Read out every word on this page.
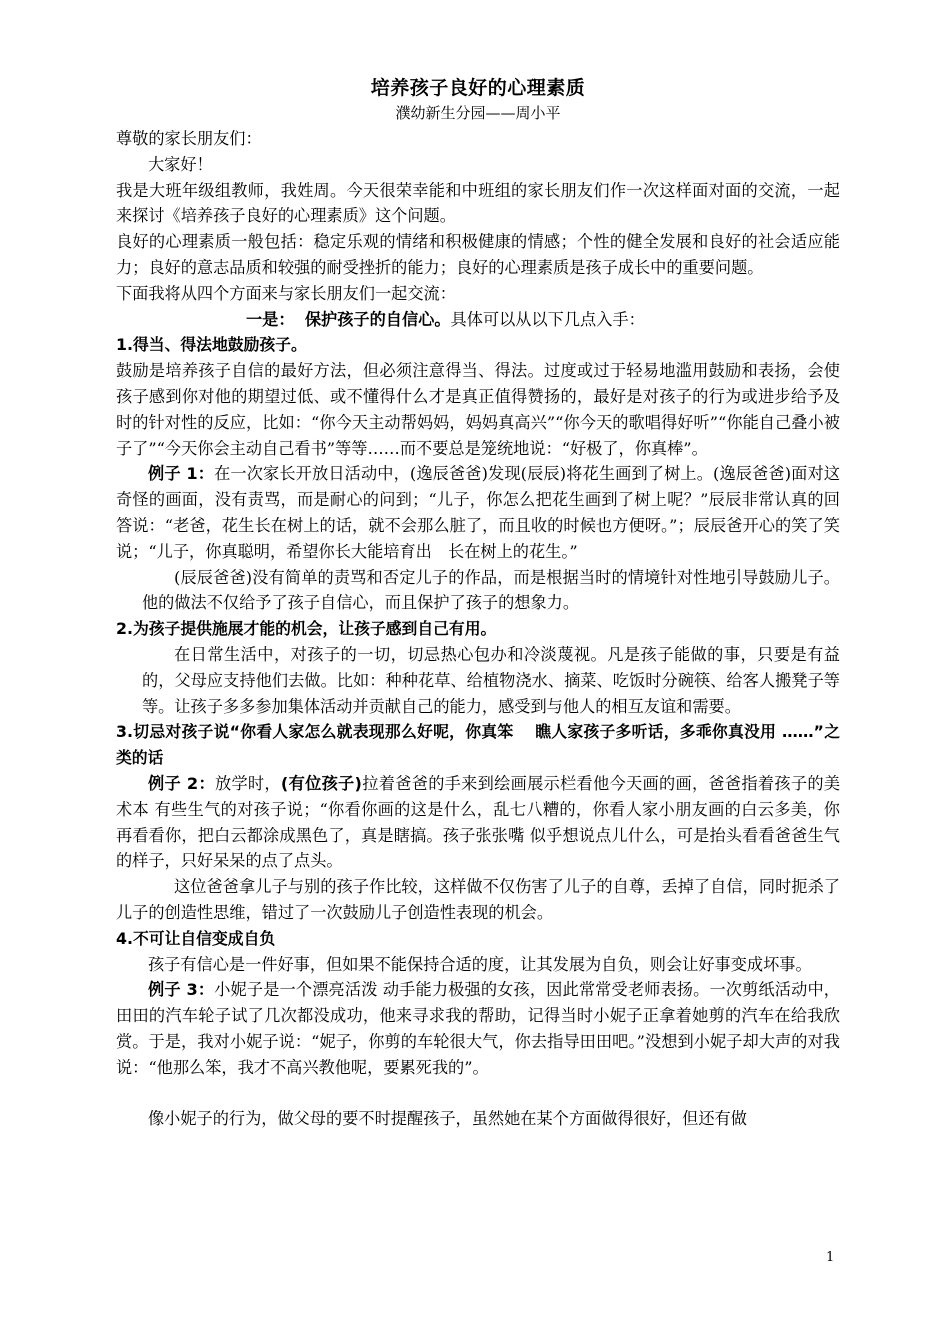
培养孩子良好的心理素质
濮幼新生分园——周小平

尊敬的家长朋友们：

大家好！

我是大班年级组教师，我姓周。今天很荣幸能和中班组的家长朋友们作一次这样面对面的交流，一起来探讨《培养孩子良好的心理素质》这个问题。

良好的心理素质一般包括：稳定乐观的情绪和积极健康的情感；个性的健全发展和良好的社会适应能力；良好的意志品质和较强的耐受挫折的能力；良好的心理素质是孩子成长中的重要问题。

下面我将从四个方面来与家长朋友们一起交流：

一是： 保护孩子的自信心。具体可以从以下几点入手：

1.得当、得法地鼓励孩子。

鼓励是培养孩子自信的最好方法，但必须注意得当、得法。过度或过于轻易地滥用鼓励和表扬，会使孩子感到你对他的期望过低、或不懂得什么才是真正值得赞扬的，最好是对孩子的行为或进步给予及时的针对性的反应，比如：“你今天主动帮妈妈，妈妈真高兴”“你今天的歌唱得好听”“你能自己叠小被子了”“今天你会主动自己看书”等等……而不要总是笼统地说：“好极了，你真棒”。

例子 1：在一次家长开放日活动中，(逸辰爸爸)发现(辰辰)将花生画到了树上。(逸辰爸爸)面对这奇怪的画面，没有责骂，而是耐心的问到；“儿子，你怎么把花生画到了树上呢？”辰辰非常认真的回答说：“老爸，花生长在树上的话，就不会那么脏了，而且收的时候也方便呀。”；辰辰爸开心的笑了笑说；“儿子，你真聪明，希望你长大能培育出　长在树上的花生。”

(辰辰爸爸)没有简单的责骂和否定儿子的作品，而是根据当时的情境针对性地引导鼓励儿子。他的做法不仅给予了孩子自信心，而且保护了孩子的想象力。

2.为孩子提供施展才能的机会，让孩子感到自己有用。

在日常生活中，对孩子的一切，切忌热心包办和冷淡蔑视。凡是孩子能做的事，只要是有益的，父母应支持他们去做。比如：种种花草、给植物浇水、摘菜、吃饭时分碗筷、给客人搬凳子等等。让孩子多多参加集体活动并贡献自己的能力，感受到与他人的相互友谊和需要。

3.切忌对孩子说“你看人家怎么就表现那么好呢，你真笨　 瞧人家孩子多听话，多乖你真没用 ……”之类的话

例子 2：放学时，(有位孩子)拉着爸爸的手来到绘画展示栏看他今天画的画，爸爸指着孩子的美术本 有些生气的对孩子说；“你看你画的这是什么，乱七八糟的，你看人家小朋友画的白云多美，你再看看你，把白云都涂成黑色了，真是瞎搞。孩子张张嘴 似乎想说点儿什么，可是抬头看看爸爸生气的样子，只好呆呆的点了点头。

这位爸爸拿儿子与别的孩子作比较，这样做不仅伤害了儿子的自尊，丢掉了自信，同时扼杀了儿子的创造性思维，错过了一次鼓励儿子创造性表现的机会。

4.不可让自信变成自负

孩子有信心是一件好事，但如果不能保持合适的度，让其发展为自负，则会让好事变成坏事。

例子 3：小妮子是一个漂亮活泼 动手能力极强的女孩，因此常常受老师表扬。一次剪纸活动中，田田的汽车轮子试了几次都没成功，他来寻求我的帮助，记得当时小妮子正拿着她剪的汽车在给我欣赏。于是，我对小妮子说：“妮子，你剪的车轮很大气，你去指导田田吧。”没想到小妮子却大声的对我说：“他那么笨，我才不高兴教他呢，要累死我的”。

像小妮子的行为，做父母的要不时提醒孩子，虽然她在某个方面做得很好，但还有做

1
